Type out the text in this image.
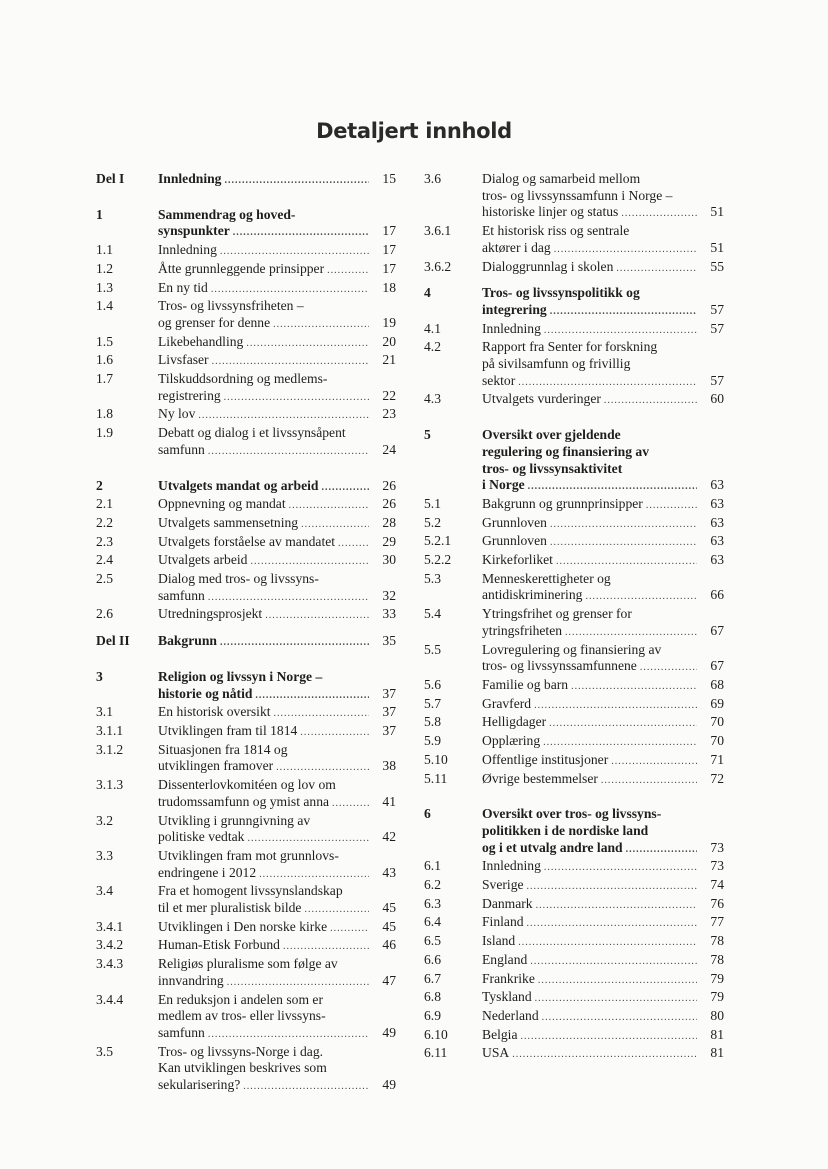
Detaljert innhold
Del I	Innledning .....	15
1	Sammendrag og hoved-
synspunkter .....	17
1.1	Innledning .....	17
1.2	Åtte grunnleggende prinsipper .....	17
1.3	En ny tid .....	18
1.4	Tros- og livssynsfriheten –
og grenser for denne .....	19
1.5	Likebehandling .....	20
1.6	Livsfaser .....	21
1.7	Tilskuddsordning og medlems-
registrering .....	22
1.8	Ny lov .....	23
1.9	Debatt og dialog i et livssynsåpent
samfunn .....	24
2	Utvalgets mandat og arbeid .....	26
2.1	Oppnevning og mandat .....	26
2.2	Utvalgets sammensetning .....	28
2.3	Utvalgets forståelse av mandatet .....	29
2.4	Utvalgets arbeid .....	30
2.5	Dialog med tros- og livssyns-
samfunn .....	32
2.6	Utredningsprosjekt .....	33
Del II	Bakgrunn .....	35
3	Religion og livssyn i Norge –
historie og nåtid .....	37
3.1	En historisk oversikt .....	37
3.1.1	Utviklingen fram til 1814 .....	37
3.1.2	Situasjonen fra 1814 og
utviklingen framover .....	38
3.1.3	Dissenterlovkomitéen og lov om
trudomssamfunn og ymist anna .....	41
3.2	Utvikling i grunngivning av
politiske vedtak .....	42
3.3	Utviklingen fram mot grunnlovs-
endringene i 2012 .....	43
3.4	Fra et homogent livssynslandskap
til et mer pluralistisk bilde .....	45
3.4.1	Utviklingen i Den norske kirke .....	45
3.4.2	Human-Etisk Forbund .....	46
3.4.3	Religiøs pluralisme som følge av
innvandring .....	47
3.4.4	En reduksjon i andelen som er
medlem av tros- eller livssyns-
samfunn .....	49
3.5	Tros- og livssyns-Norge i dag.
Kan utviklingen beskrives som
sekularisering? .....	49
3.6	Dialog og samarbeid mellom
tros- og livssynssamfunn i Norge –
historiske linjer og status .....	51
3.6.1	Et historisk riss og sentrale
aktører i dag .....	51
3.6.2	Dialoggrunnlag i skolen .....	55
4	Tros- og livssynspolitikk og
integrering .....	57
4.1	Innledning .....	57
4.2	Rapport fra Senter for forskning
på sivilsamfunn og frivillig
sektor .....	57
4.3	Utvalgets vurderinger .....	60
5	Oversikt over gjeldende
regulering og finansiering av
tros- og livssynsaktivitet
i Norge .....	63
5.1	Bakgrunn og grunnprinsipper .....	63
5.2	Grunnloven .....	63
5.2.1	Grunnloven .....	63
5.2.2	Kirkeforliket .....	63
5.3	Menneskerettigheter og
antidiskriminering .....	66
5.4	Ytringsfrihet og grenser for
ytringsfriheten .....	67
5.5	Lovregulering og finansiering av
tros- og livssynssamfunnene .....	67
5.6	Familie og barn .....	68
5.7	Gravferd .....	69
5.8	Helligdager .....	70
5.9	Opplæring .....	70
5.10	Offentlige institusjoner .....	71
5.11	Øvrige bestemmelser .....	72
6	Oversikt over tros- og livssyns-
politikken i de nordiske land
og i et utvalg andre land .....	73
6.1	Innledning .....	73
6.2	Sverige .....	74
6.3	Danmark .....	76
6.4	Finland .....	77
6.5	Island .....	78
6.6	England .....	78
6.7	Frankrike .....	79
6.8	Tyskland .....	79
6.9	Nederland .....	80
6.10	Belgia .....	81
6.11	USA .....	81
